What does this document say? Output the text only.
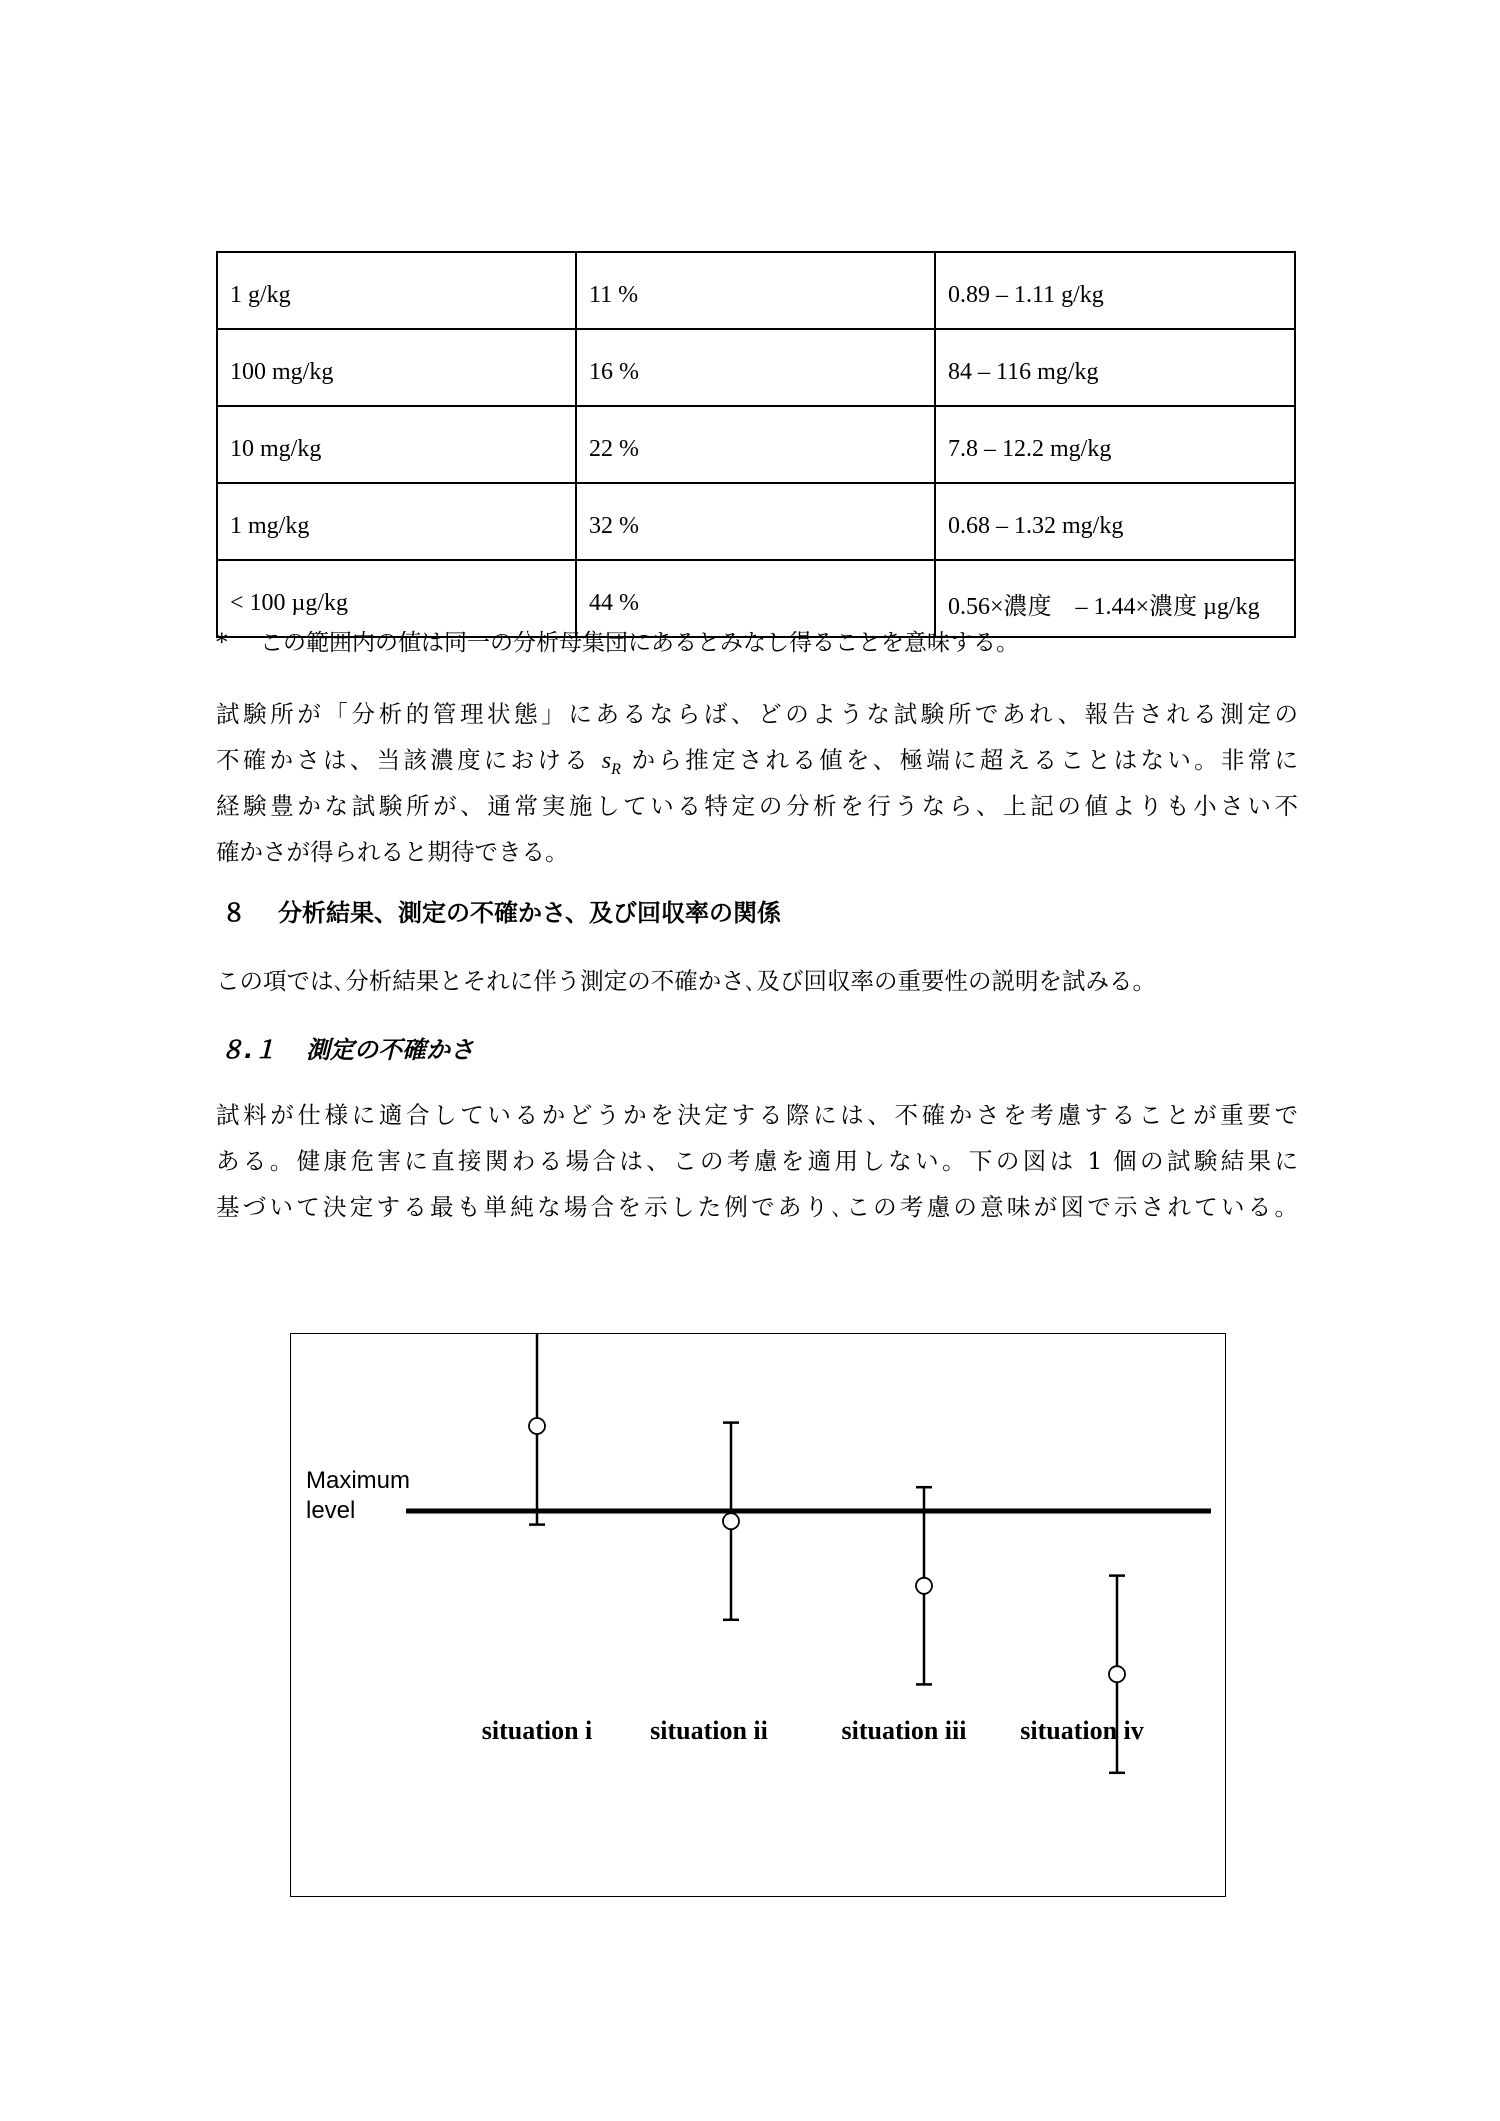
1 g/kg	11 %	0.89 – 1.11 g/kg
100 mg/kg	16 %	84 – 116 mg/kg
10 mg/kg	22 %	7.8 – 12.2 mg/kg
1 mg/kg	32 %	0.68 – 1.32 mg/kg
< 100 µg/kg	44 %	0.56×濃度　– 1.44×濃度 µg/kg
* この範囲内の値は同一の分析母集団にあるとみなし得ることを意味する。
試験所が「分析的管理状態」にあるならば、どのような試験所であれ、報告される測定の
不確かさは、当該濃度における $s_R$ から推定される値を、極端に超えることはない。非常に
経験豊かな試験所が、通常実施している特定の分析を行うなら、上記の値よりも小さい不
確かさが得られると期待できる。
８ 分析結果、測定の不確かさ、及び回収率の関係
この項では､分析結果とそれに伴う測定の不確かさ､及び回収率の重要性の説明を試みる。
８.１ 測定の不確かさ
試料が仕様に適合しているかどうかを決定する際には、不確かさを考慮することが重要で
ある。健康危害に直接関わる場合は、この考慮を適用しない。下の図は 1 個の試験結果に
基づいて決定する最も単純な場合を示した例であり､この考慮の意味が図で示されている。
Maximum
level
situation i situation ii	situation iii situation iv
